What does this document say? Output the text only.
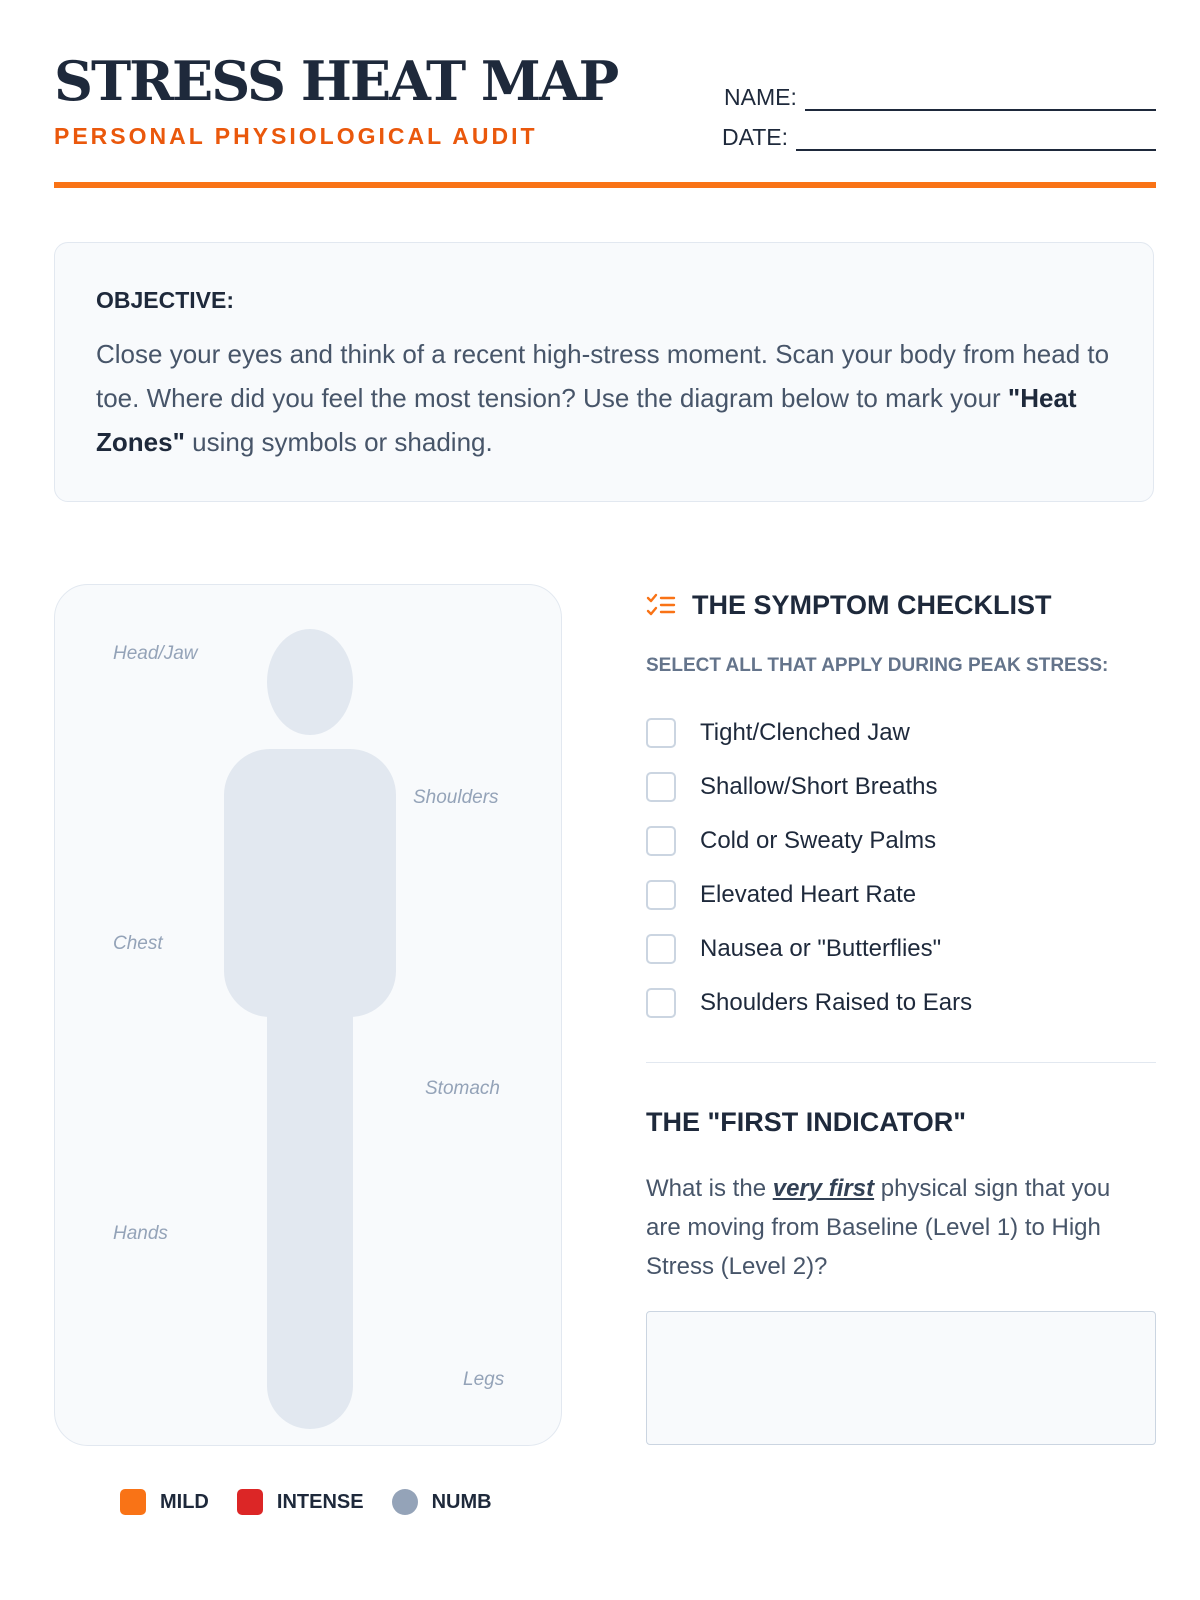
STRESS HEAT MAP
PERSONAL PHYSIOLOGICAL AUDIT
NAME:
DATE:
OBJECTIVE:
Close your eyes and think of a recent high-stress moment. Scan your body from head to toe. Where did you feel the most tension? Use the diagram below to mark your "Heat Zones" using symbols or shading.
Head/Jaw
Shoulders
Chest
Stomach
Hands
Legs
MILD	INTENSE	NUMB
THE SYMPTOM CHECKLIST
SELECT ALL THAT APPLY DURING PEAK STRESS:
Tight/Clenched Jaw
Shallow/Short Breaths
Cold or Sweaty Palms
Elevated Heart Rate
Nausea or "Butterflies"
Shoulders Raised to Ears
THE "FIRST INDICATOR"
What is the very first physical sign that you are moving from Baseline (Level 1) to High Stress (Level 2)?
